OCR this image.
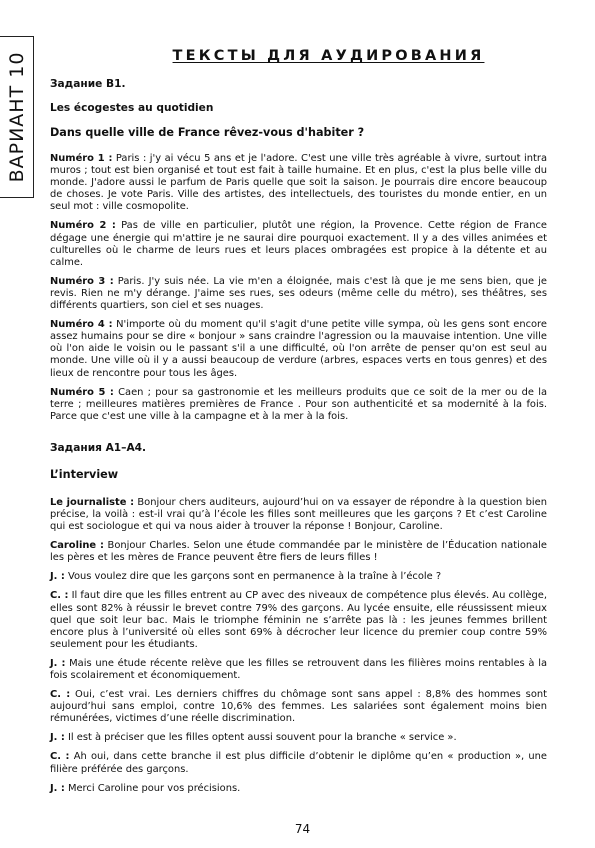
ВАРИАНТ 10	ТЕКСТЫ ДЛЯ АУДИРОВАНИЯ
Задание B1.
Les écogestes au quotidien
Dans quelle ville de France rêvez-vous d'habiter ?

Numéro 1 : Paris : j'y ai vécu 5 ans et je l'adore. C'est une ville très agréable à vivre, surtout intra muros ; tout est bien organisé et tout est fait à taille humaine. Et en plus, c'est la plus belle ville du monde. J'adore aussi le parfum de Paris quelle que soit la saison. Je pourrais dire encore beaucoup de choses. Je vote Paris. Ville des artistes, des intellectuels, des touristes du monde entier, en un seul mot : ville cosmopolite.

Numéro 2 : Pas de ville en particulier, plutôt une région, la Provence. Cette région de France dégage une énergie qui m'attire je ne saurai dire pourquoi exactement. Il y a des villes animées et culturelles où le charme de leurs rues et leurs places ombragées est propice à la détente et au calme.

Numéro 3 : Paris. J'y suis née. La vie m'en a éloignée, mais c'est là que je me sens bien, que je revis. Rien ne m'y dérange. J'aime ses rues, ses odeurs (même celle du métro), ses théâtres, ses différents quartiers, son ciel et ses nuages.

Numéro 4 : N'importe où du moment qu'il s'agit d'une petite ville sympa, où les gens sont encore assez humains pour se dire « bonjour » sans craindre l'agression ou la mauvaise intention. Une ville où l'on aide le voisin ou le passant s'il a une difficulté, où l'on arrête de penser qu'on est seul au monde. Une ville où il y a aussi beaucoup de verdure (arbres, espaces verts en tous genres) et des lieux de rencontre pour tous les âges.

Numéro 5 : Caen ; pour sa gastronomie et les meilleurs produits que ce soit de la mer ou de la terre ; meilleures matières premières de France . Pour son authenticité et sa modernité à la fois. Parce que c'est une ville à la campagne et à la mer à la fois.

Задания А1–А4.
L’interview

Le journaliste : Bonjour chers auditeurs, aujourd’hui on va essayer de répondre à la question bien précise, la voilà : est-il vrai qu’à l’école les filles sont meilleures que les garçons ? Et c’est Caroline qui est sociologue et qui va nous aider à trouver la réponse ! Bonjour, Caroline.

Caroline : Bonjour Charles. Selon une étude commandée par le ministère de l’Éducation nationale les pères et les mères de France peuvent être fiers de leurs filles !

J. : Vous voulez dire que les garçons sont en permanence à la traîne à l’école ?

C. : Il faut dire que les filles entrent au CP avec des niveaux de compétence plus élevés. Au collège, elles sont 82% à réussir le brevet contre 79% des garçons. Au lycée ensuite, elle réussissent mieux quel que soit leur bac. Mais le triomphe féminin ne s’arrête pas là : les jeunes femmes brillent encore plus à l’université où elles sont 69% à décrocher leur licence du premier coup contre 59% seulement pour les étudiants.

J. : Mais une étude récente relève que les filles se retrouvent dans les filières moins rentables à la fois scolairement et économiquement.

C. : Oui, c’est vrai. Les derniers chiffres du chômage sont sans appel : 8,8% des hommes sont aujourd’hui sans emploi, contre 10,6% des femmes. Les salariées sont également moins bien rémunérées, victimes d’une réelle discrimination.

J. : Il est à préciser que les filles optent aussi souvent pour la branche « service ».

C. : Ah oui, dans cette branche il est plus difficile d’obtenir le diplôme qu’en « production », une filière préférée des garçons.

J. : Merci Caroline pour vos précisions.

74
